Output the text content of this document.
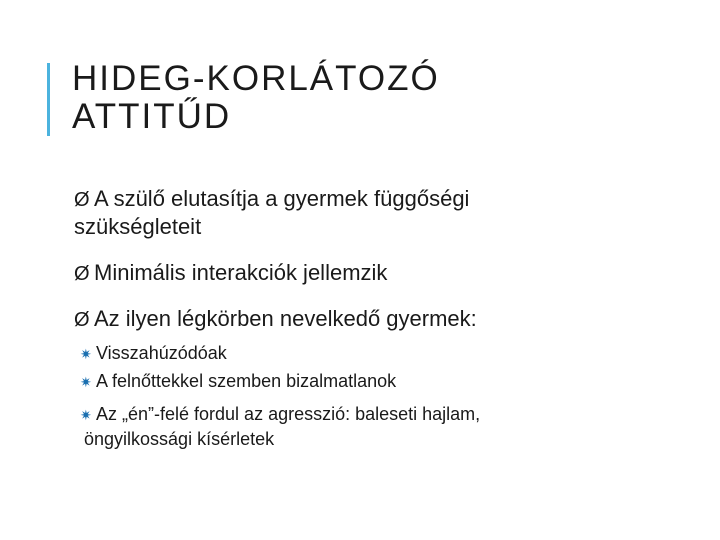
HIDEG-KORLÁTOZÓ
ATTITŰD
Ø A szülő elutasítja a gyermek függőségi
szükségleteit
Ø Minimális interakciók jellemzik
Ø Az ilyen légkörben nevelkedő gyermek:
✷ Visszahúzódóak
✷ A felnőttekkel szemben bizalmatlanok
✷ Az „én”-felé fordul az agresszió: baleseti hajlam,
öngyilkossági kísérletek
